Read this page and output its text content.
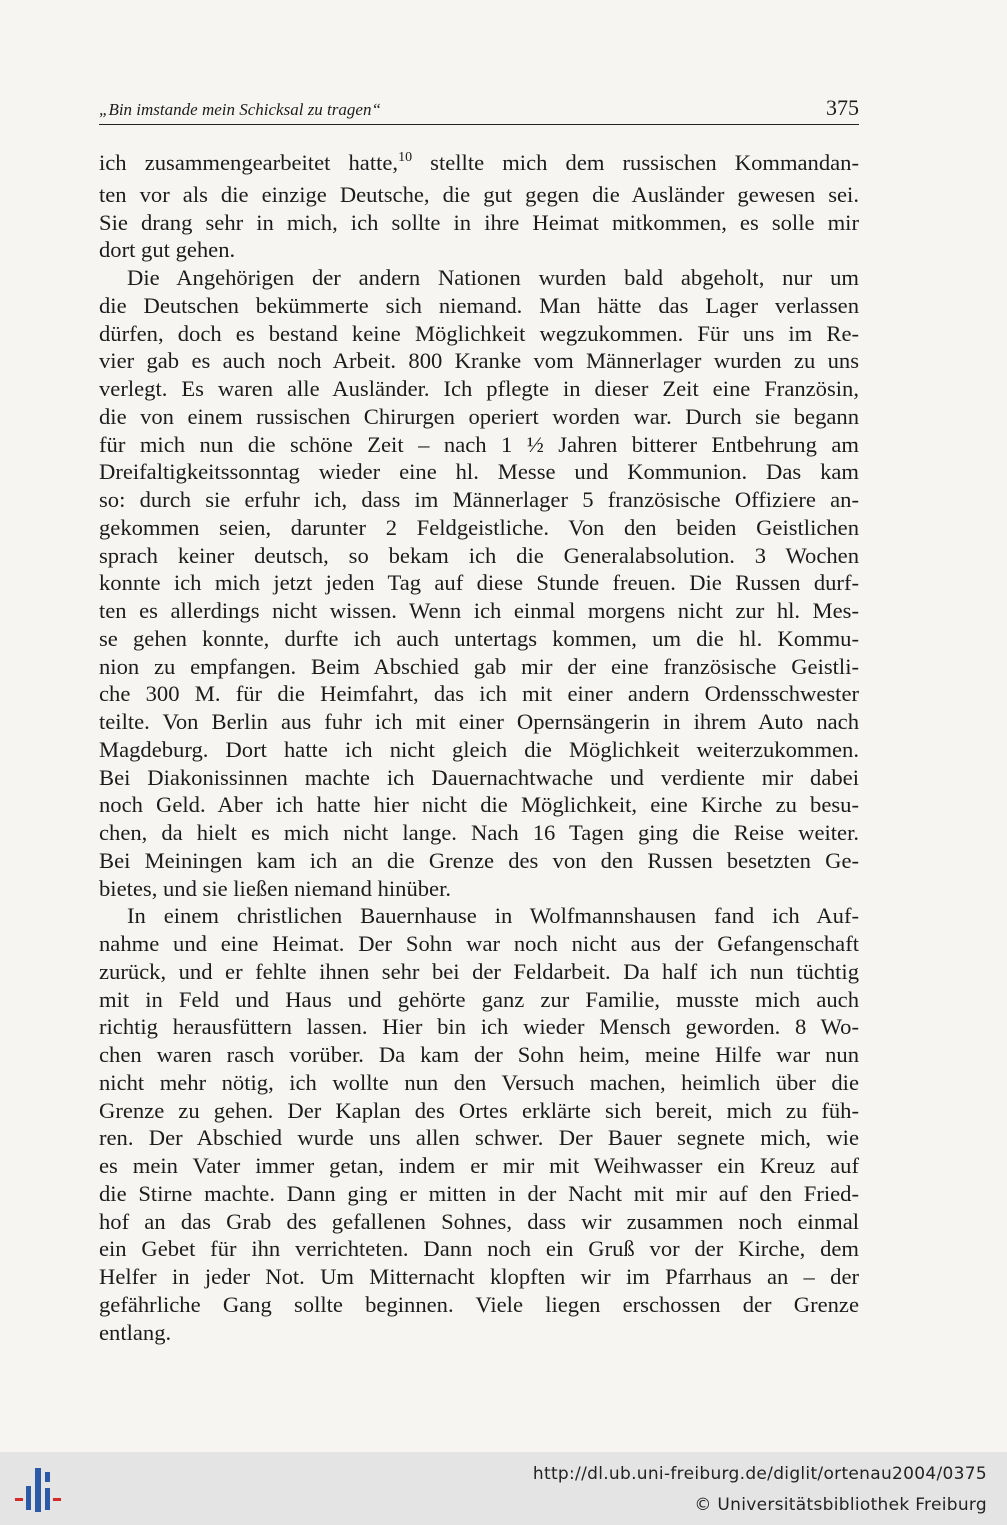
„Bin imstande mein Schicksal zu tragen“	375
ich zusammengearbeitet hatte,$^{10}$ stellte mich dem russischen Kommandan-
ten vor als die einzige Deutsche, die gut gegen die Ausländer gewesen sei.
Sie drang sehr in mich, ich sollte in ihre Heimat mitkommen, es solle mir
dort gut gehen.
Die Angehörigen der andern Nationen wurden bald abgeholt, nur um
die Deutschen bekümmerte sich niemand. Man hätte das Lager verlassen
dürfen, doch es bestand keine Möglichkeit wegzukommen. Für uns im Re-
vier gab es auch noch Arbeit. 800 Kranke vom Männerlager wurden zu uns
verlegt. Es waren alle Ausländer. Ich pflegte in dieser Zeit eine Französin,
die von einem russischen Chirurgen operiert worden war. Durch sie begann
für mich nun die schöne Zeit – nach 1 ½ Jahren bitterer Entbehrung am
Dreifaltigkeitssonntag wieder eine hl. Messe und Kommunion. Das kam
so: durch sie erfuhr ich, dass im Männerlager 5 französische Offiziere an-
gekommen seien, darunter 2 Feldgeistliche. Von den beiden Geistlichen
sprach keiner deutsch, so bekam ich die Generalabsolution. 3 Wochen
konnte ich mich jetzt jeden Tag auf diese Stunde freuen. Die Russen durf-
ten es allerdings nicht wissen. Wenn ich einmal morgens nicht zur hl. Mes-
se gehen konnte, durfte ich auch untertags kommen, um die hl. Kommu-
nion zu empfangen. Beim Abschied gab mir der eine französische Geistli-
che 300 M. für die Heimfahrt, das ich mit einer andern Ordensschwester
teilte. Von Berlin aus fuhr ich mit einer Opernsängerin in ihrem Auto nach
Magdeburg. Dort hatte ich nicht gleich die Möglichkeit weiterzukommen.
Bei Diakonissinnen machte ich Dauernachtwache und verdiente mir dabei
noch Geld. Aber ich hatte hier nicht die Möglichkeit, eine Kirche zu besu-
chen, da hielt es mich nicht lange. Nach 16 Tagen ging die Reise weiter.
Bei Meiningen kam ich an die Grenze des von den Russen besetzten Ge-
bietes, und sie ließen niemand hinüber.
In einem christlichen Bauernhause in Wolfmannshausen fand ich Auf-
nahme und eine Heimat. Der Sohn war noch nicht aus der Gefangenschaft
zurück, und er fehlte ihnen sehr bei der Feldarbeit. Da half ich nun tüchtig
mit in Feld und Haus und gehörte ganz zur Familie, musste mich auch
richtig herausfüttern lassen. Hier bin ich wieder Mensch geworden. 8 Wo-
chen waren rasch vorüber. Da kam der Sohn heim, meine Hilfe war nun
nicht mehr nötig, ich wollte nun den Versuch machen, heimlich über die
Grenze zu gehen. Der Kaplan des Ortes erklärte sich bereit, mich zu füh-
ren. Der Abschied wurde uns allen schwer. Der Bauer segnete mich, wie
es mein Vater immer getan, indem er mir mit Weihwasser ein Kreuz auf
die Stirne machte. Dann ging er mitten in der Nacht mit mir auf den Fried-
hof an das Grab des gefallenen Sohnes, dass wir zusammen noch einmal
ein Gebet für ihn verrichteten. Dann noch ein Gruß vor der Kirche, dem
Helfer in jeder Not. Um Mitternacht klopften wir im Pfarrhaus an – der
gefährliche Gang sollte beginnen. Viele liegen erschossen der Grenze
entlang.
http://dl.ub.uni-freiburg.de/diglit/ortenau2004/0375
© Universitätsbibliothek Freiburg
